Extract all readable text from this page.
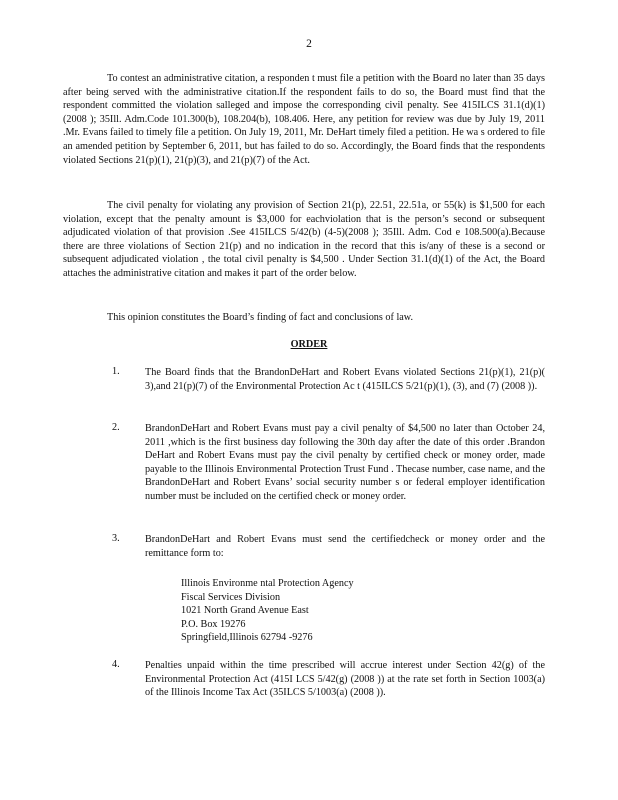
2

To contest an administrative citation, a responden t must file a petition with the Board no later than 35 days after being served with the administrative citation.If the respondent fails to do so, the Board must find that the respondent committed the violation salleged and impose the corresponding civil penalty. See 415ILCS 31.1(d)(1) (2008 ); 35Ill. Adm.Code 101.300(b), 108.204(b), 108.406. Here, any petition for review was due by July 19, 2011 .Mr. Evans failed to timely file a petition. On July 19, 2011, Mr. DeHart timely filed a petition. He wa s ordered to file an amended petition by September 6, 2011, but has failed to do so. Accordingly, the Board finds that the respondents violated Sections 21(p)(1), 21(p)(3), and 21(p)(7) of the Act.

The civil penalty for violating any provision of Section 21(p), 22.51, 22.51a, or 55(k) is $1,500 for each violation, except that the penalty amount is $3,000 for eachviolation that is the person’s second or subsequent adjudicated violation of that provision .See 415ILCS 5/42(b) (4-5)(2008 ); 35Ill. Adm. Cod e 108.500(a).Because there are three violations of Section 21(p) and no indication in the record that this is/any of these is a second or subsequent adjudicated violation , the total civil penalty is $4,500 . Under Section 31.1(d)(1) of the Act, the Board attaches the administrative citation and makes it part of the order below.

This opinion constitutes the Board’s finding of fact and conclusions of law.

ORDER
1. The Board finds that the BrandonDeHart and Robert Evans violated Sections 21(p)(1), 21(p)( 3),and 21(p)(7) of the Environmental Protection Ac t (415ILCS 5/21(p)(1), (3), and (7) (2008 )).

2. BrandonDeHart and Robert Evans must pay a civil penalty of $4,500 no later than October 24, 2011 ,which is the first business day following the 30th day after the date of this order .Brandon DeHart and Robert Evans must pay the civil penalty by certified check or money order, made payable to the Illinois Environmental Protection Trust Fund . Thecase number, case name, and the BrandonDeHart and Robert Evans’ social security number s or federal employer identification number must be included on the certified check or money order.

3. BrandonDeHart and Robert Evans must send the certifiedcheck or money order and the remittance form to:

Illinois Environme ntal Protection Agency
Fiscal Services Division
1021 North Grand Avenue East
P.O. Box 19276
Springfield,Illinois 62794 -9276
4. Penalties unpaid within the time prescribed will accrue interest under Section 42(g) of the Environmental Protection Act (415I LCS 5/42(g) (2008 )) at the rate set forth in Section 1003(a) of the Illinois Income Tax Act (35ILCS 5/1003(a) (2008 )).
